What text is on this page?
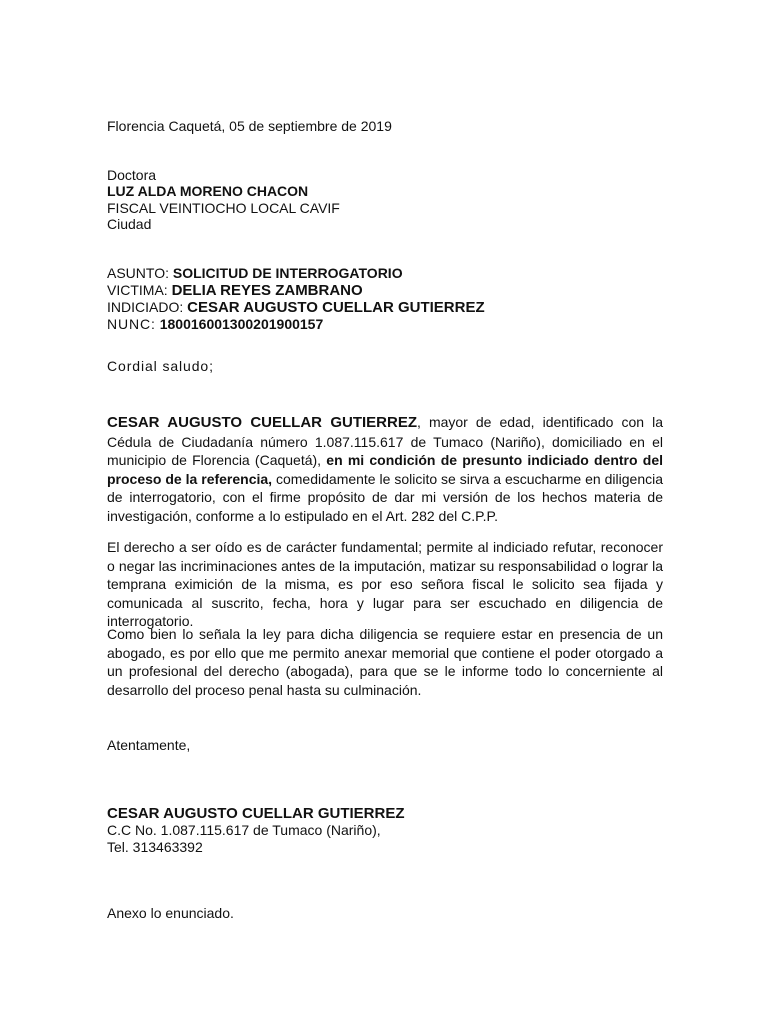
Florencia Caquetá, 05 de septiembre de 2019
Doctora
LUZ ALDA MORENO CHACON
FISCAL VEINTIOCHO LOCAL CAVIF
Ciudad
ASUNTO: SOLICITUD DE INTERROGATORIO
VICTIMA: DELIA REYES ZAMBRANO
INDICIADO: CESAR AUGUSTO CUELLAR GUTIERREZ
NUNC: 180016001300201900157
Cordial saludo;

CESAR AUGUSTO CUELLAR GUTIERREZ, mayor de edad, identificado con la Cédula de Ciudadanía número 1.087.115.617 de Tumaco (Nariño), domiciliado en el municipio de Florencia (Caquetá), en mi condición de presunto indiciado dentro del proceso de la referencia, comedidamente le solicito se sirva a escucharme en diligencia de interrogatorio, con el firme propósito de dar mi versión de los hechos materia de investigación, conforme a lo estipulado en el Art. 282 del C.P.P.

El derecho a ser oído es de carácter fundamental; permite al indiciado refutar, reconocer o negar las incriminaciones antes de la imputación, matizar su responsabilidad o lograr la temprana eximición de la misma, es por eso señora fiscal le solicito sea fijada y comunicada al suscrito, fecha, hora y lugar para ser escuchado en diligencia de interrogatorio.

Como bien lo señala la ley para dicha diligencia se requiere estar en presencia de un abogado, es por ello que me permito anexar memorial que contiene el poder otorgado a un profesional del derecho (abogada), para que se le informe todo lo concerniente al desarrollo del proceso penal hasta su culminación.

Atentamente,
CESAR AUGUSTO CUELLAR GUTIERREZ
C.C No. 1.087.115.617 de Tumaco (Nariño),
Tel. 313463392
Anexo lo enunciado.
